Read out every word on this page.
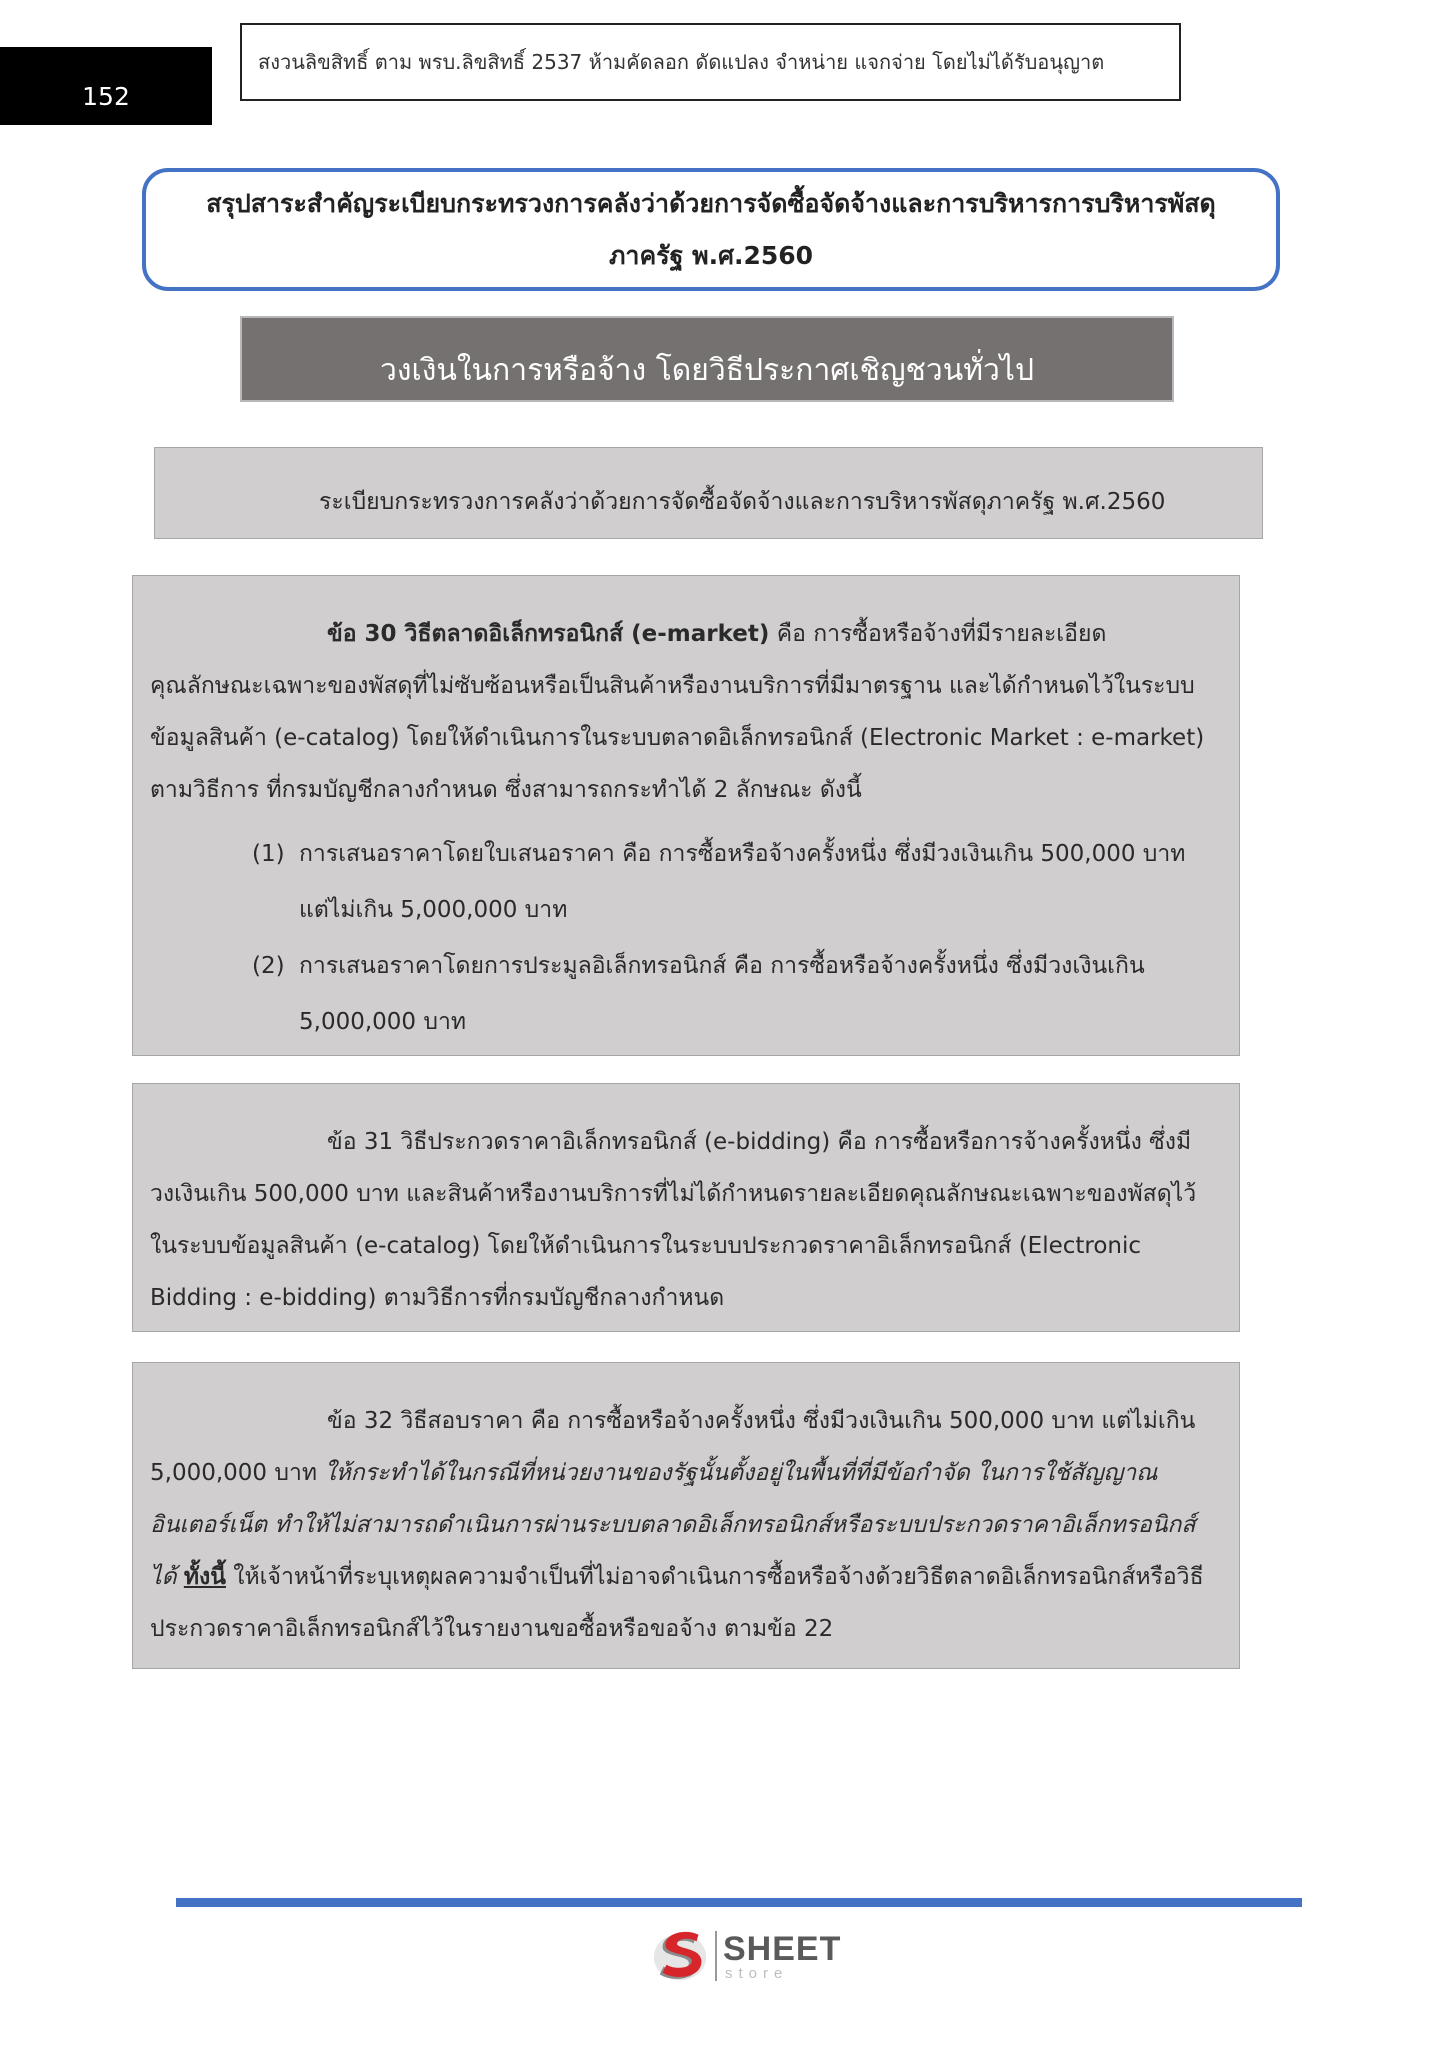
152
สงวนลิขสิทธิ์ ตาม พรบ.ลิขสิทธิ์ 2537 ห้ามคัดลอก ดัดแปลง จำหน่าย แจกจ่าย โดยไม่ได้รับอนุญาต
สรุปสาระสำคัญระเบียบกระทรวงการคลังว่าด้วยการจัดซื้อจัดจ้างและการบริหารการบริหารพัสดุ
ภาครัฐ พ.ศ.2560
วงเงินในการหรือจ้าง โดยวิธีประกาศเชิญชวนทั่วไป
ระเบียบกระทรวงการคลังว่าด้วยการจัดซื้อจัดจ้างและการบริหารพัสดุภาครัฐ พ.ศ.2560

ข้อ 30 วิธีตลาดอิเล็กทรอนิกส์ (e-market) คือ การซื้อหรือจ้างที่มีรายละเอียดคุณลักษณะเฉพาะของพัสดุที่ไม่ซับซ้อนหรือเป็นสินค้าหรืองานบริการที่มีมาตรฐาน และได้กำหนดไว้ในระบบข้อมูลสินค้า (e-catalog) โดยให้ดำเนินการในระบบตลาดอิเล็กทรอนิกส์ (Electronic Market : e-market) ตามวิธีการ ที่กรมบัญชีกลางกำหนด ซึ่งสามารถกระทำได้ 2 ลักษณะ ดังนี้

(1) การเสนอราคาโดยใบเสนอราคา คือ การซื้อหรือจ้างครั้งหนึ่ง ซึ่งมีวงเงินเกิน 500,000 บาท แต่ไม่เกิน 5,000,000 บาท
(2) การเสนอราคาโดยการประมูลอิเล็กทรอนิกส์ คือ การซื้อหรือจ้างครั้งหนึ่ง ซึ่งมีวงเงินเกิน 5,000,000 บาท

ข้อ 31 วิธีประกวดราคาอิเล็กทรอนิกส์ (e-bidding) คือ การซื้อหรือการจ้างครั้งหนึ่ง ซึ่งมีวงเงินเกิน 500,000 บาท และสินค้าหรืองานบริการที่ไม่ได้กำหนดรายละเอียดคุณลักษณะเฉพาะของพัสดุไว้ในระบบข้อมูลสินค้า (e-catalog) โดยให้ดำเนินการในระบบประกวดราคาอิเล็กทรอนิกส์ (Electronic Bidding : e-bidding) ตามวิธีการที่กรมบัญชีกลางกำหนด

ข้อ 32 วิธีสอบราคา คือ การซื้อหรือจ้างครั้งหนึ่ง ซึ่งมีวงเงินเกิน 500,000 บาท แต่ไม่เกิน 5,000,000 บาท ให้กระทำได้ในกรณีที่หน่วยงานของรัฐนั้นตั้งอยู่ในพื้นที่ที่มีข้อกำจัด ในการใช้สัญญาณอินเตอร์เน็ต ทำให้ไม่สามารถดำเนินการผ่านระบบตลาดอิเล็กทรอนิกส์หรือระบบประกวดราคาอิเล็กทรอนิกส์ได้ ทั้งนี้ ให้เจ้าหน้าที่ระบุเหตุผลความจำเป็นที่ไม่อาจดำเนินการซื้อหรือจ้างด้วยวิธีตลาดอิเล็กทรอนิกส์หรือวิธีประกวดราคาอิเล็กทรอนิกส์ไว้ในรายงานขอซื้อหรือขอจ้าง ตามข้อ 22

SHEET
store
